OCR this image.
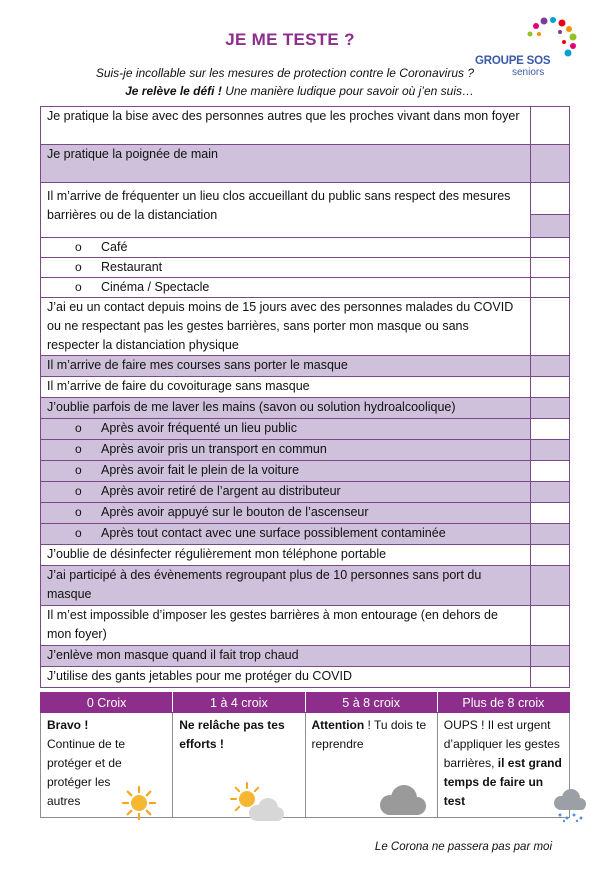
JE ME TESTE ?
GROUPE SOS
seniors
Suis-je incollable sur les mesures de protection contre le Coronavirus ?
Je relève le défi ! Une manière ludique pour savoir où j’en suis…
Je pratique la bise avec des personnes autres que les proches vivant dans mon foyer	
Je pratique la poignée de main	
Il m’arrive de fréquenter un lieu clos accueillant du public sans respect des mesures barrières ou de la distanciation	

o Café	

o Restaurant	

o Cinéma / Spectacle	
J’ai eu un contact depuis moins de 15 jours avec des personnes malades du COVID ou ne respectant pas les gestes barrières, sans porter mon masque ou sans respecter la distanciation physique	
Il m’arrive de faire mes courses sans porter le masque	
Il m’arrive de faire du covoiturage sans masque	
J’oublie parfois de me laver les mains (savon ou solution hydroalcoolique)	

o Après avoir fréquenté un lieu public	

o Après avoir pris un transport en commun	

o Après avoir fait le plein de la voiture	

o Après avoir retiré de l’argent au distributeur	

o Après avoir appuyé sur le bouton de l’ascenseur	

o Après tout contact avec une surface possiblement contaminée	
J’oublie de désinfecter régulièrement mon téléphone portable	
J’ai participé à des évènements regroupant plus de 10 personnes sans port du masque	
Il m’est impossible d’imposer les gestes barrières à mon entourage (en dehors de mon foyer)	
J’enlève mon masque quand il fait trop chaud	
J’utilise des gants jetables pour me protéger du COVID	
0 Croix	1 à 4 croix	5 à 8 croix	Plus de 8 croix
Bravo !

Continue de te protéger et de protéger les autres	Ne relâche pas tes efforts !	Attention ! Tu dois te reprendre	OUPS ! Il est urgent d’appliquer les gestes barrières, il est grand temps de faire un test
Le Corona ne passera pas par moi
